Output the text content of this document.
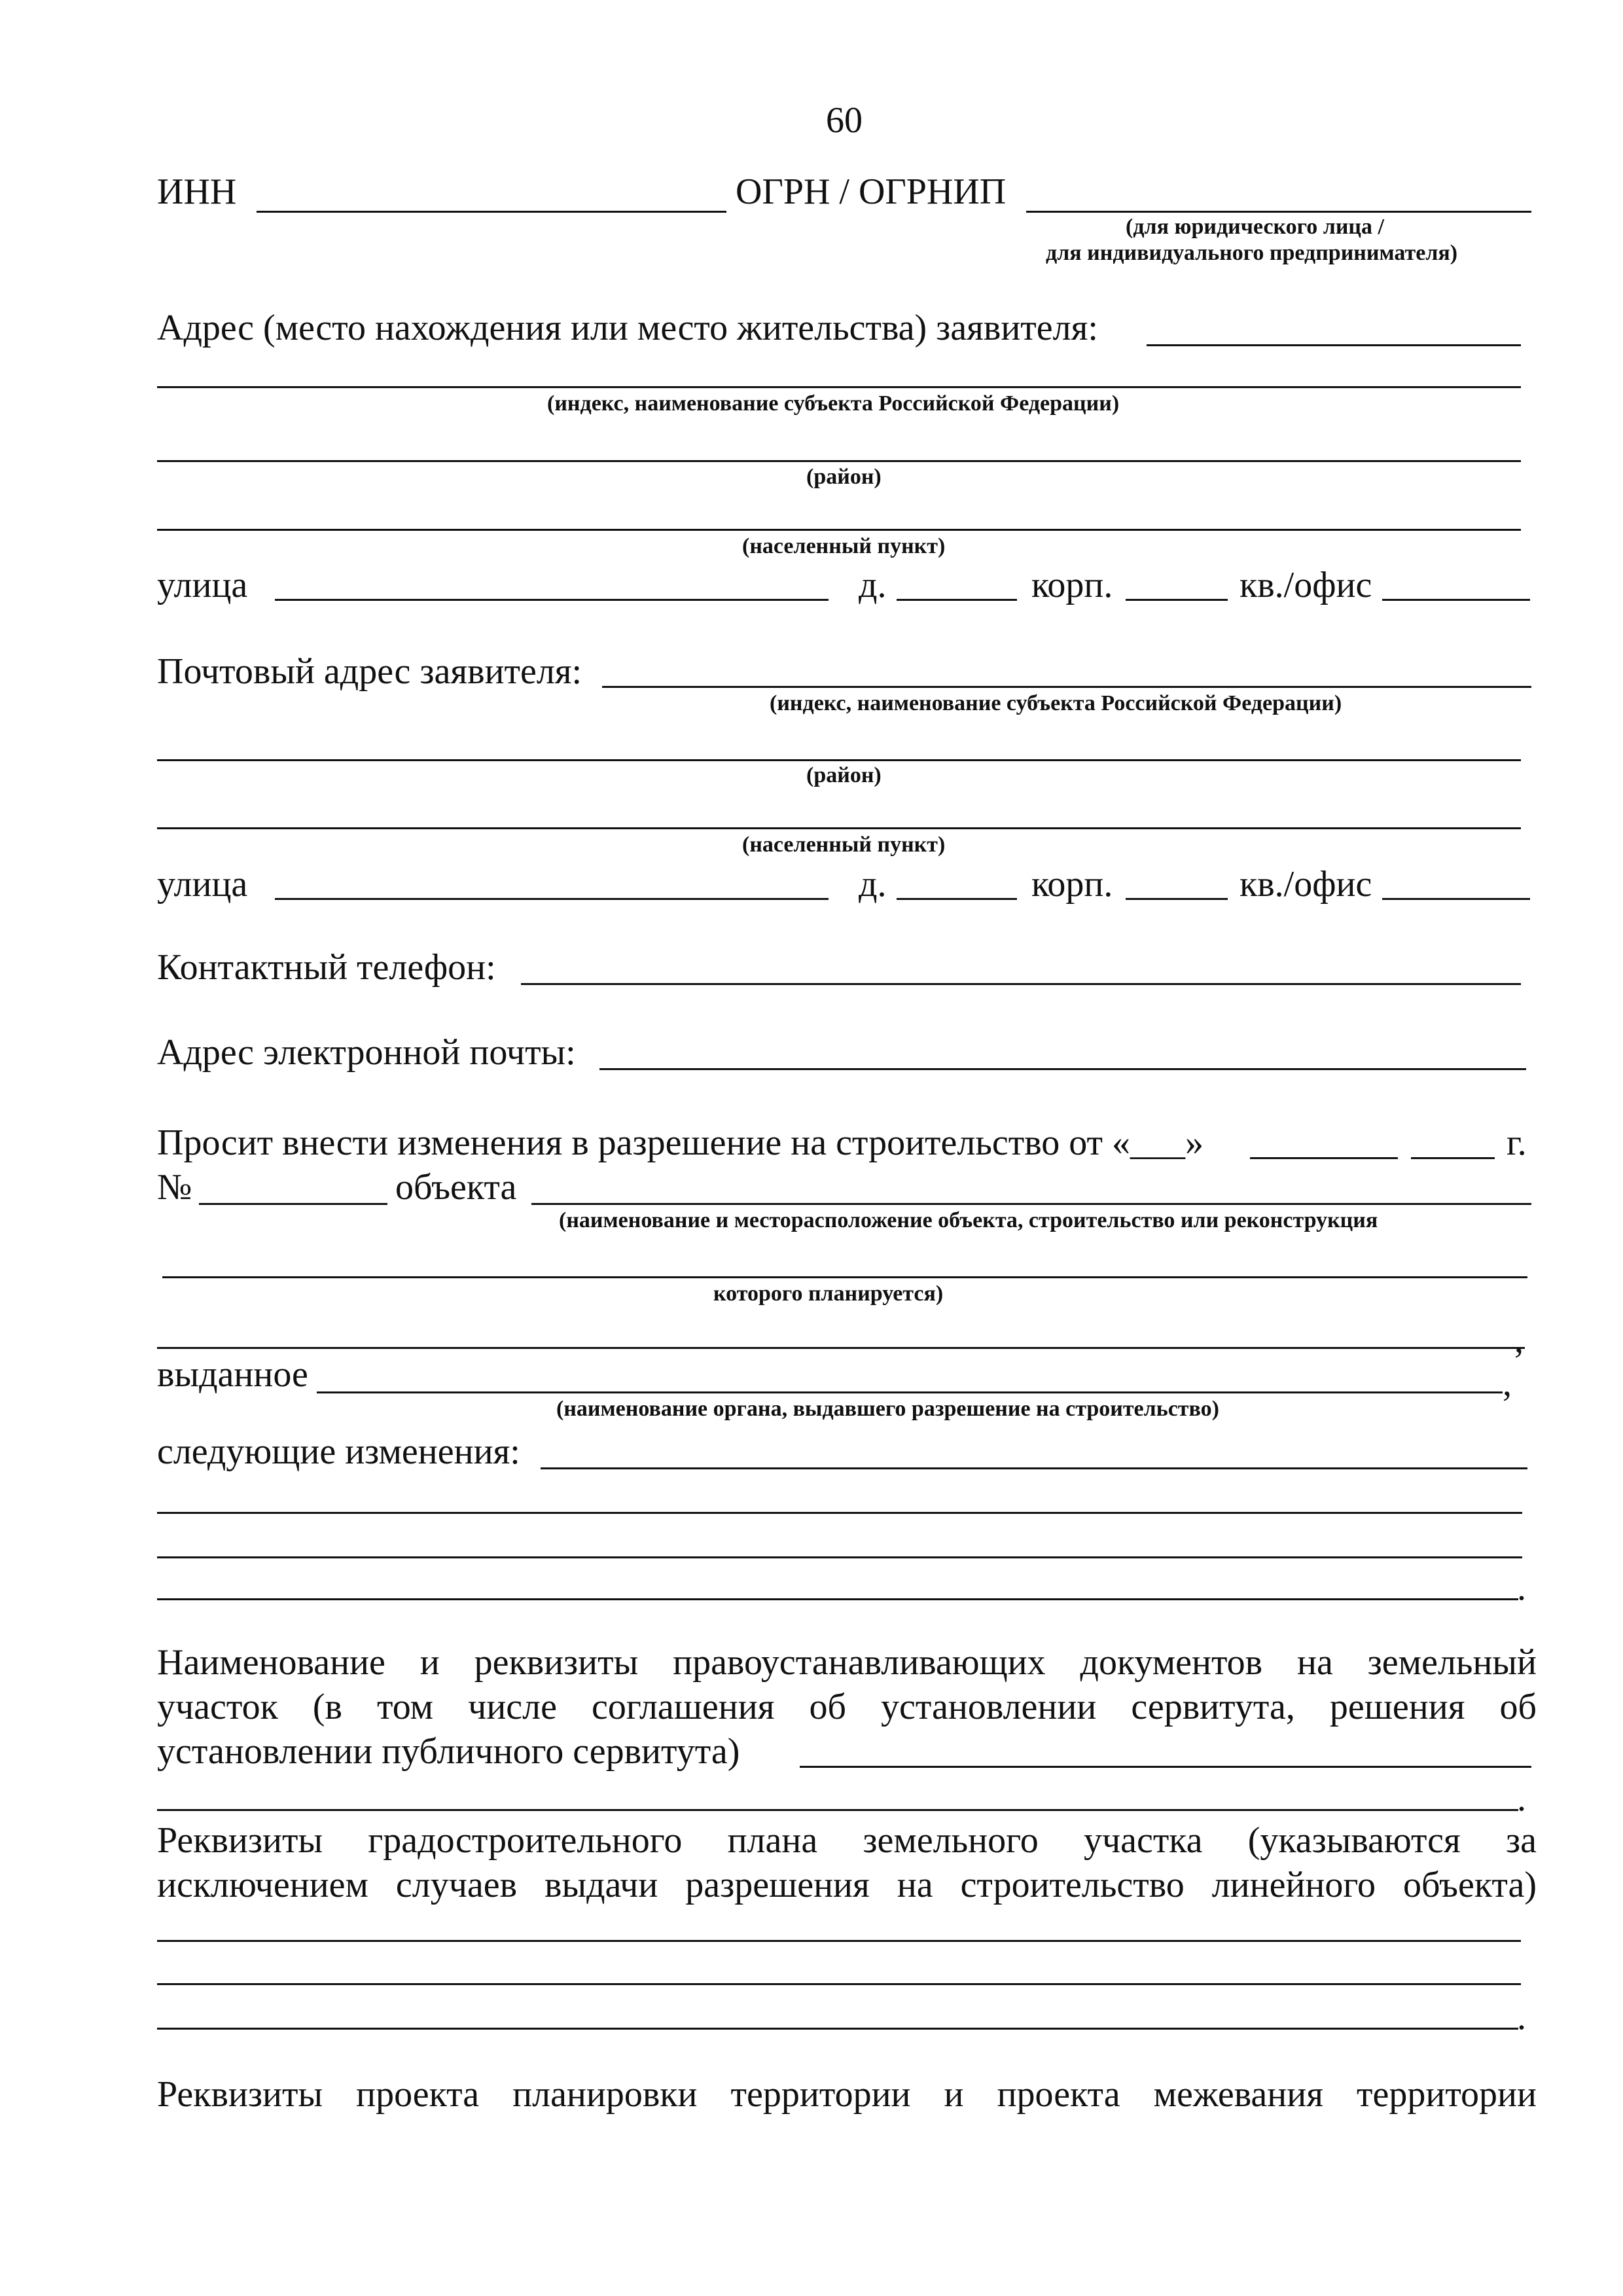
60
ИНН	ОГРН / ОГРНИП
(для юридического лица /
для индивидуального предпринимателя)
Адрес (место нахождения или место жительства) заявителя:
(индекс, наименование субъекта Российской Федерации)
(район)
(населенный пункт)
улица	д.	корп.	кв./офис
Почтовый адрес заявителя:
(индекс, наименование субъекта Российской Федерации)
(район)
(населенный пункт)
улица	д.	корп.	кв./офис
Контактный телефон:
Адрес электронной почты:
Просит внести изменения в разрешение на строительство от «___»	г.
№	объекта
(наименование и месторасположение объекта, строительство или реконструкция
которого планируется)
,
выданное	,
(наименование органа, выдавшего разрешение на строительство)
следующие изменения:
.
Наименование и реквизиты правоустанавливающих документов на земельный
участок (в том числе соглашения об установлении сервитута, решения об
установлении публичного сервитута)
.
Реквизиты градостроительного плана земельного участка (указываются за
исключением случаев выдачи разрешения на строительство линейного объекта)
.
Реквизиты проекта планировки территории и проекта межевания территории
